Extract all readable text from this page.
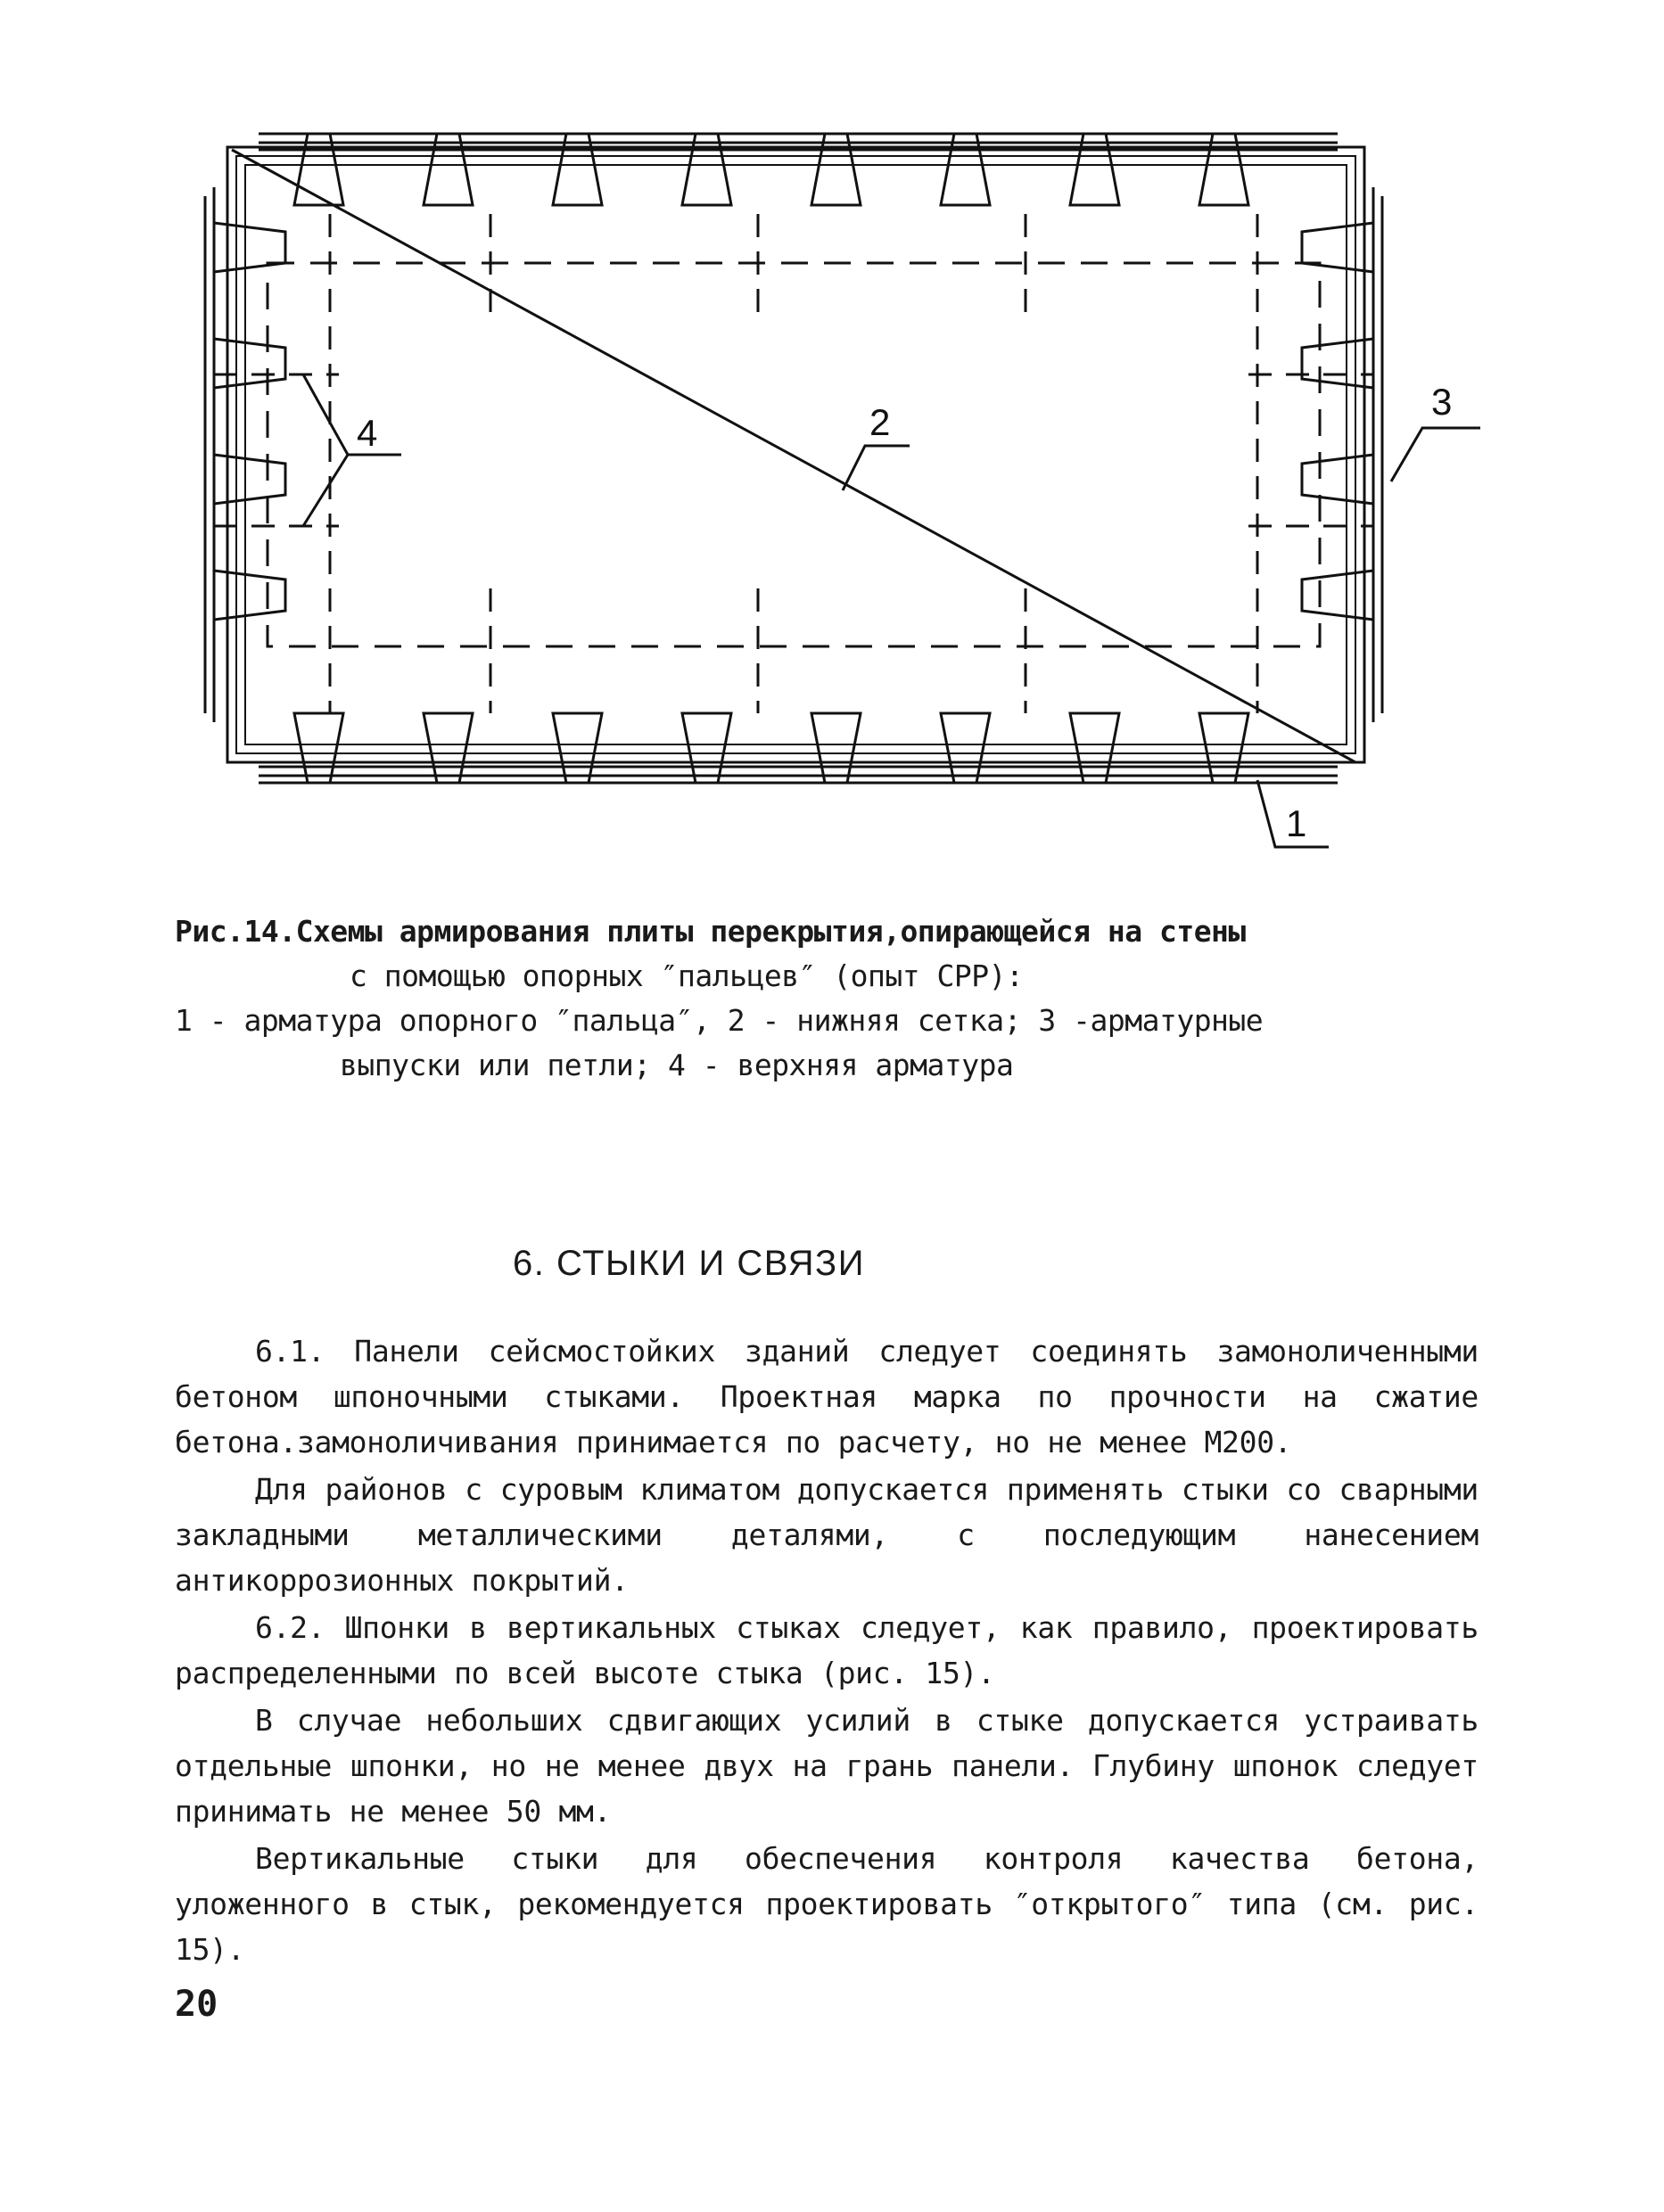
2	3
4
1
Рис.14.Схемы армирования плиты перекрытия,опирающейся на стены
с помощью опорных ″пальцев″ (опыт СРР):
1 - арматура опорного ″пальца″, 2 - нижняя сетка; 3 -арматурные
выпуски или петли; 4 - верхняя арматура
6. СТЫКИ И СВЯЗИ

6.1. Панели сейсмостойких зданий следует соединять замоноличенными бетоном шпоночными стыками. Проектная марка по прочности на сжатие бетона.замоноличивания принимается по расчету, но не менее М200.

Для районов с суровым климатом допускается применять стыки со сварными закладными металлическими деталями, с последующим нанесением антикоррозионных покрытий.

6.2. Шпонки в вертикальных стыках следует, как правило, проектировать распределенными по всей высоте стыка (рис. 15).

В случае небольших сдвигающих усилий в стыке допускается устраивать отдельные шпонки, но не менее двух на грань панели. Глубину шпонок следует принимать не менее 50 мм.

Вертикальные стыки для обеспечения контроля качества бетона, уложенного в стык, рекомендуется проектировать ″открытого″ типа (см. рис. 15).

20
